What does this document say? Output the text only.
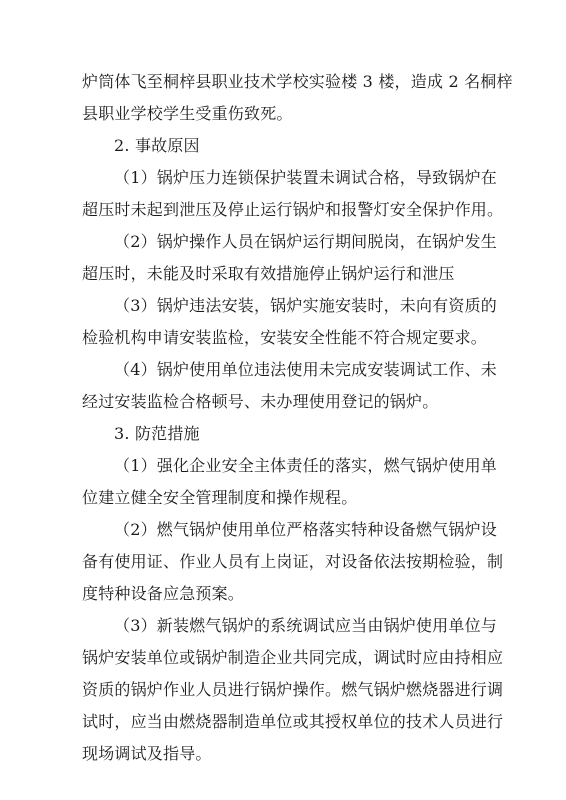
炉筒体飞至桐梓县职业技术学校实验楼 3 楼，造成 2 名桐梓
县职业学校学生受重伤致死。
2. 事故原因
（1）锅炉压力连锁保护装置未调试合格，导致锅炉在
超压时未起到泄压及停止运行锅炉和报警灯安全保护作用。
（2）锅炉操作人员在锅炉运行期间脱岗，在锅炉发生
超压时，未能及时采取有效措施停止锅炉运行和泄压
（3）锅炉违法安装，锅炉实施安装时，未向有资质的
检验机构申请安装监检，安装安全性能不符合规定要求。
（4）锅炉使用单位违法使用未完成安装调试工作、未
经过安装监检合格顿号、未办理使用登记的锅炉。
3. 防范措施
（1）强化企业安全主体责任的落实，燃气锅炉使用单
位建立健全安全管理制度和操作规程。
（2）燃气锅炉使用单位严格落实特种设备燃气锅炉设
备有使用证、作业人员有上岗证，对设备依法按期检验，制
度特种设备应急预案。
（3）新装燃气锅炉的系统调试应当由锅炉使用单位与
锅炉安装单位或锅炉制造企业共同完成，调试时应由持相应
资质的锅炉作业人员进行锅炉操作。燃气锅炉燃烧器进行调
试时，应当由燃烧器制造单位或其授权单位的技术人员进行
现场调试及指导。
